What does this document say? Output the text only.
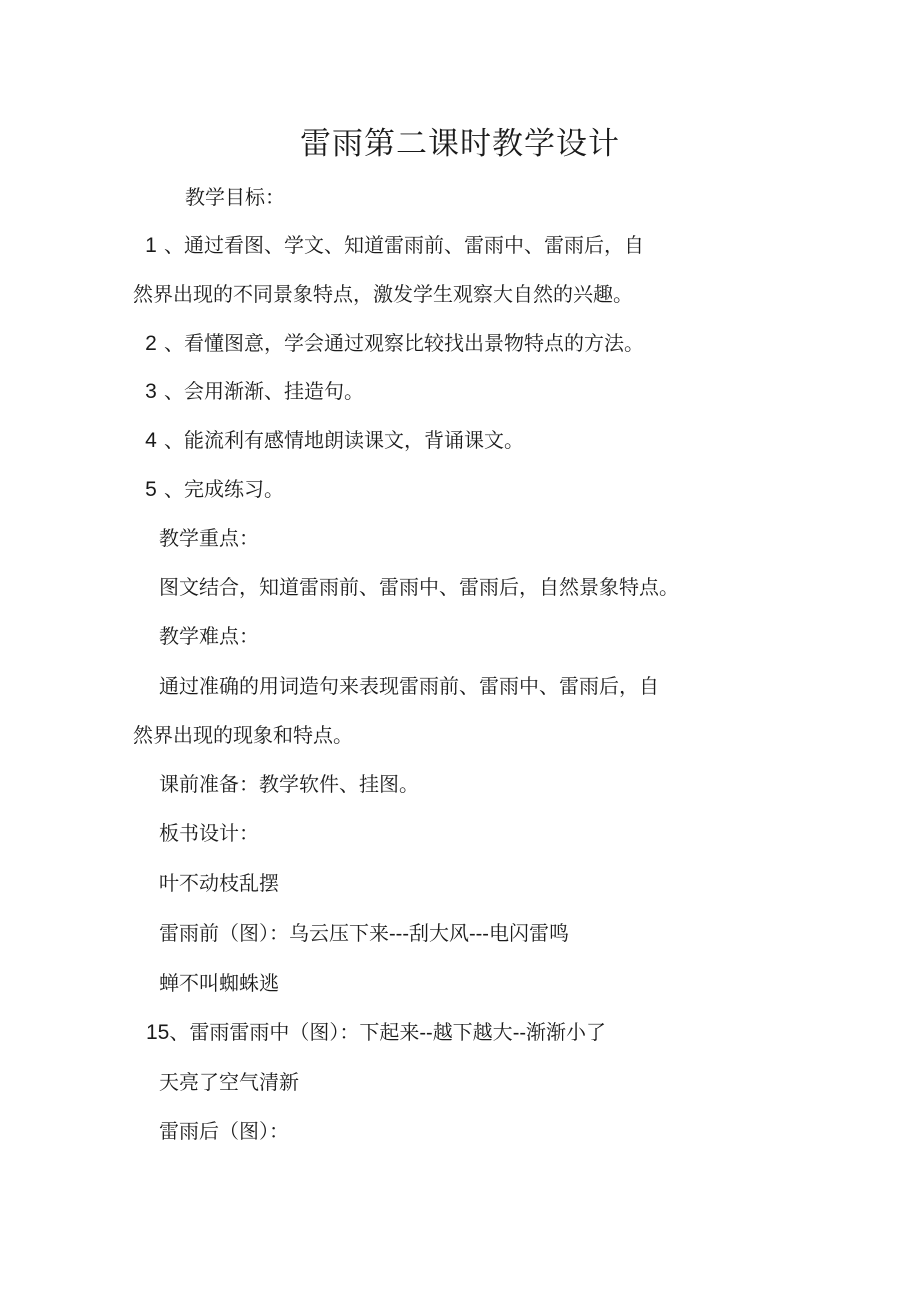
雷雨第二课时教学设计
教学目标：
1 、通过看图、学文、知道雷雨前、雷雨中、雷雨后，自
然界出现的不同景象特点，激发学生观察大自然的兴趣。
2 、看懂图意，学会通过观察比较找出景物特点的方法。
3 、会用渐渐、挂造句。
4 、能流利有感情地朗读课文，背诵课文。
5 、完成练习。
教学重点：
图文结合，知道雷雨前、雷雨中、雷雨后，自然景象特点。
教学难点：
通过准确的用词造句来表现雷雨前、雷雨中、雷雨后，自
然界出现的现象和特点。
课前准备：教学软件、挂图。
板书设计：
叶不动枝乱摆
雷雨前（图）：乌云压下来---刮大风---电闪雷鸣
蝉不叫蜘蛛逃
15、雷雨雷雨中（图）：下起来--越下越大--渐渐小了
天亮了空气清新
雷雨后（图）：
